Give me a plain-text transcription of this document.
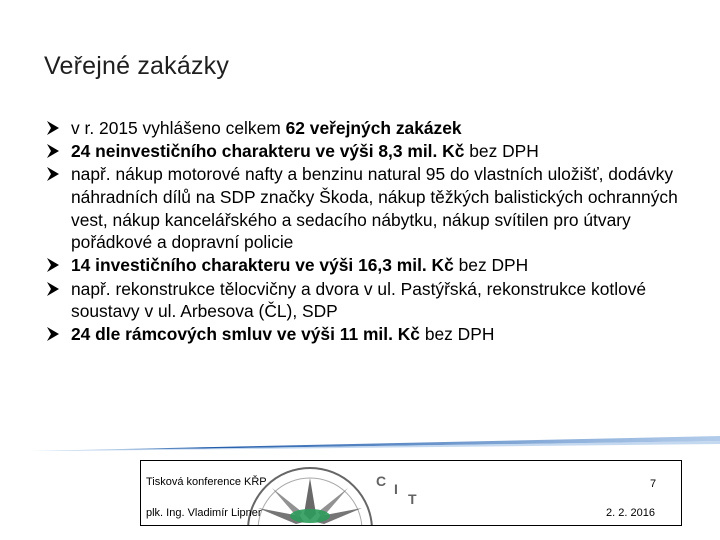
Veřejné zakázky
v r. 2015 vyhlášeno celkem 62 veřejných zakázek
24 neinvestičního charakteru ve výši 8,3 mil. Kč bez DPH
např. nákup motorové nafty a benzinu natural 95 do vlastních uložišť, dodávky náhradních dílů na SDP značky Škoda, nákup těžkých balistických ochranných vest, nákup kancelářského a sedacího nábytku, nákup svítilen pro útvary pořádkové a dopravní policie
14 investičního charakteru ve výši 16,3 mil. Kč bez DPH
např. rekonstrukce tělocvičny a dvora v ul. Pastýřská, rekonstrukce kotlové soustavy v ul. Arbesova (ČL), SDP
24 dle rámcových smluv ve výši 11 mil. Kč bez DPH
C I
T
Tisková konference KŘP
plk. Ing. Vladimír Lipner
7
2. 2. 2016
